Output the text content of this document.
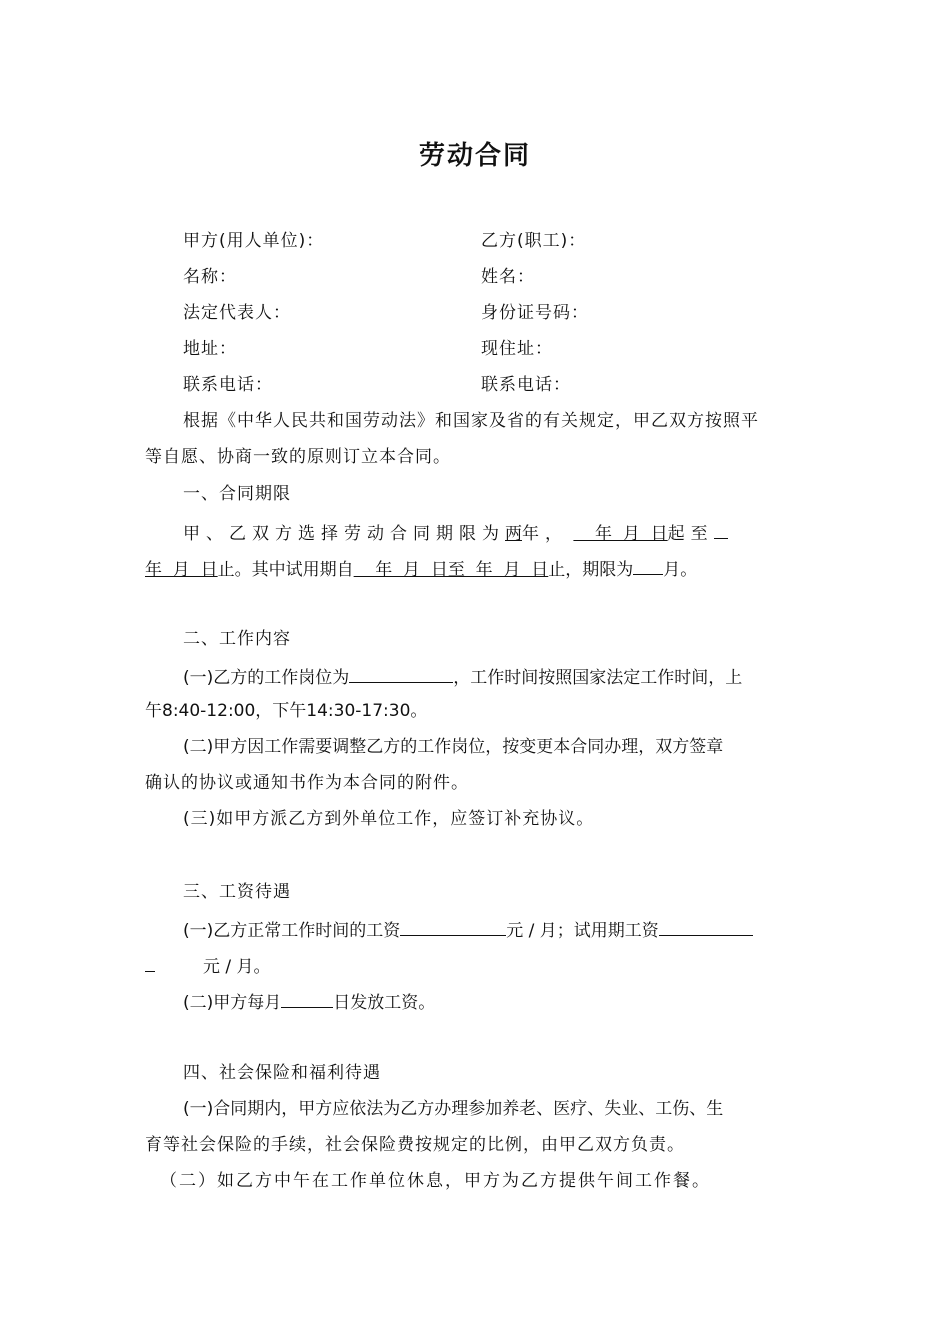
劳动合同
甲方(用人单位)：	乙方(职工)：
名称：	姓名：
法定代表人：	身份证号码：
地址：	现住址：
联系电话：	联系电话：
根据《中华人民共和国劳动法》和国家及省的有关规定，甲乙双方按照平
等自愿、协商一致的原则订立本合同。
一、合同期限
甲、乙双方选择劳动合同期限为两年，     年  月  日起至
年  月  日止。其中试用期自    年  月  日至  年  月  日止，期限为 月。
二、工作内容
(一)乙方的工作岗位为	，工作时间按照国家法定工作时间，上
午8:40-12:00，下午14:30-17:30。
(二)甲方因工作需要调整乙方的工作岗位，按变更本合同办理，双方签章
确认的协议或通知书作为本合同的附件。
(三)如甲方派乙方到外单位工作，应签订补充协议。
三、工资待遇
(一)乙方正常工作时间的工资	元 / 月；试用期工资
元 / 月。
(二)甲方每月	日发放工资。
四、社会保险和福利待遇
(一)合同期内，甲方应依法为乙方办理参加养老、医疗、失业、工伤、生
育等社会保险的手续，社会保险费按规定的比例，由甲乙双方负责。
（二）如乙方中午在工作单位休息，甲方为乙方提供午间工作餐。
